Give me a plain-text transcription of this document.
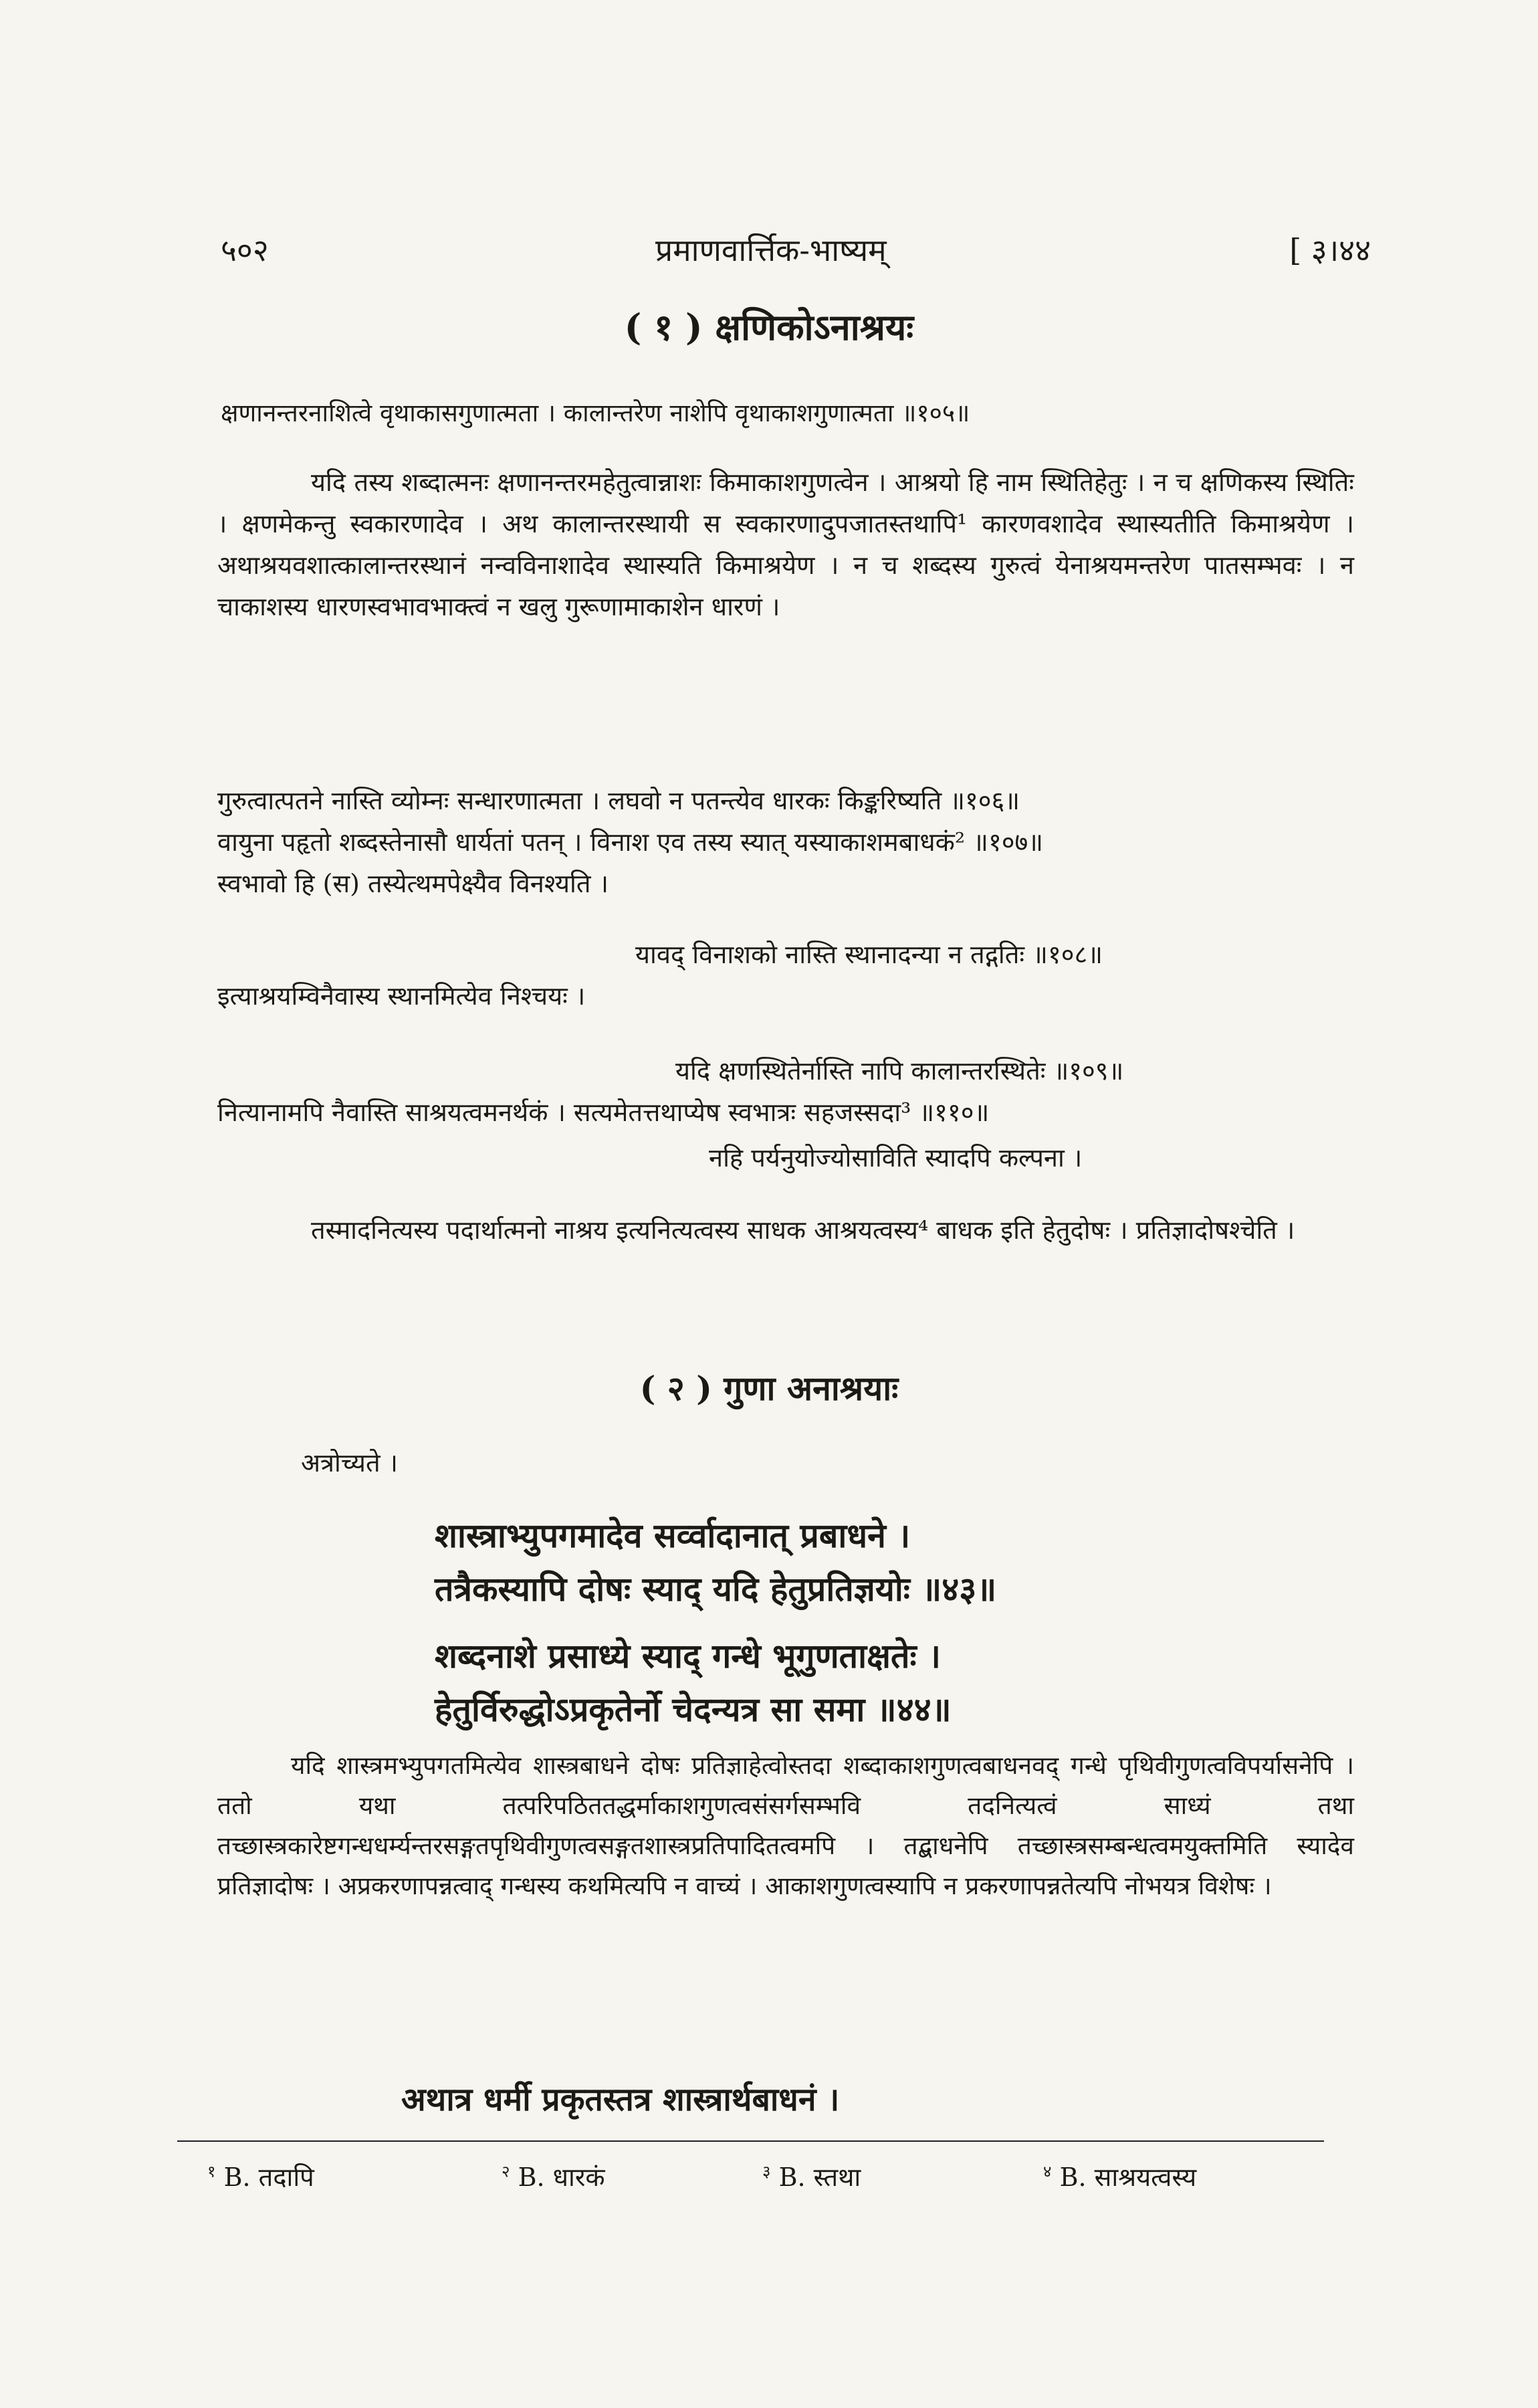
५०२	प्रमाणवार्त्तिक-भाष्यम्	[ ३।४४
( १ ) क्षणिकोऽनाश्रयः
क्षणानन्तरनाशित्वे वृथाकासगुणात्मता । कालान्तरेण नाशेपि वृथाकाशगुणात्मता ॥१०५॥

यदि तस्य शब्दात्मनः क्षणानन्तरमहेतुत्वान्नाशः किमाकाशगुणत्वेन । आश्रयो हि नाम स्थितिहेतुः । न च क्षणिकस्य स्थितिः । क्षणमेकन्तु स्वकारणादेव । अथ कालान्तरस्थायी स स्वकारणादुपजातस्तथापि¹ कारणवशादेव स्थास्यतीति किमाश्रयेण । अथाश्रयवशात्कालान्तरस्थानं नन्वविनाशादेव स्थास्यति किमाश्रयेण । न च शब्दस्य गुरुत्वं येनाश्रयमन्तरेण पातसम्भवः । न चाकाशस्य धारणस्वभावभाक्त्वं न खलु गुरूणामाकाशेन धारणं ।

गुरुत्वात्पतने नास्ति व्योम्नः सन्धारणात्मता । लघवो न पतन्त्येव धारकः किङ्करिष्यति ॥१०६॥
वायुना पहृतो शब्दस्तेनासौ धार्यतां पतन् । विनाश एव तस्य स्यात् यस्याकाशमबाधकं² ॥१०७॥
स्वभावो हि (स) तस्येत्थमपेक्ष्यैव विनश्यति ।
यावद् विनाशको नास्ति स्थानादन्या न तद्गतिः ॥१०८॥
इत्याश्रयम्विनैवास्य स्थानमित्येव निश्चयः ।
यदि क्षणस्थितेर्नास्ति नापि कालान्तरस्थितेः ॥१०९॥
नित्यानामपि नैवास्ति साश्रयत्वमनर्थकं । सत्यमेतत्तथाप्येष स्वभात्रः सहजस्सदा³ ॥११०॥
नहि पर्यनुयोज्योसाविति स्यादपि कल्पना ।

तस्मादनित्यस्य पदार्थात्मनो नाश्रय इत्यनित्यत्वस्य साधक आश्रयत्वस्य⁴ बाधक इति हेतुदोषः । प्रतिज्ञादोषश्चेति ।

( २ ) गुणा अनाश्रयाः
अत्रोच्यते ।
शास्त्राभ्युपगमादेव सर्व्वादानात् प्रबाधने ।
तत्रैकस्यापि दोषः स्याद् यदि हेतुप्रतिज्ञयोः ॥४३॥
शब्दनाशे प्रसाध्ये स्याद् गन्धे भूगुणताक्षतेः ।
हेतुर्विरुद्धोऽप्रकृतेर्नो चेदन्यत्र सा समा ॥४४॥

यदि शास्त्रमभ्युपगतमित्येव शास्त्रबाधने दोषः प्रतिज्ञाहेत्वोस्तदा शब्दाकाशगुणत्वबाधनवद् गन्धे पृथिवीगुणत्वविपर्यासनेपि । ततो यथा तत्परिपठिततद्धर्माकाशगुणत्वसंसर्गसम्भवि तदनित्यत्वं साध्यं तथा तच्छास्त्रकारेष्टगन्धधर्म्यन्तरसङ्गतपृथिवीगुणत्वसङ्गतशास्त्रप्रतिपादितत्वमपि । तद्बाधनेपि तच्छास्त्रसम्बन्धत्वमयुक्तमिति स्यादेव प्रतिज्ञादोषः । अप्रकरणापन्नत्वाद् गन्धस्य कथमित्यपि न वाच्यं । आकाशगुणत्वस्यापि न प्रकरणापन्नतेत्यपि नोभयत्र विशेषः ।

अथात्र धर्मी प्रकृतस्तत्र शास्त्रार्थबाधनं ।
$^१$ B. तदापि	$^२$ B. धारकं	$^३$ B. स्तथा	$^४$ B. साश्रयत्वस्य
